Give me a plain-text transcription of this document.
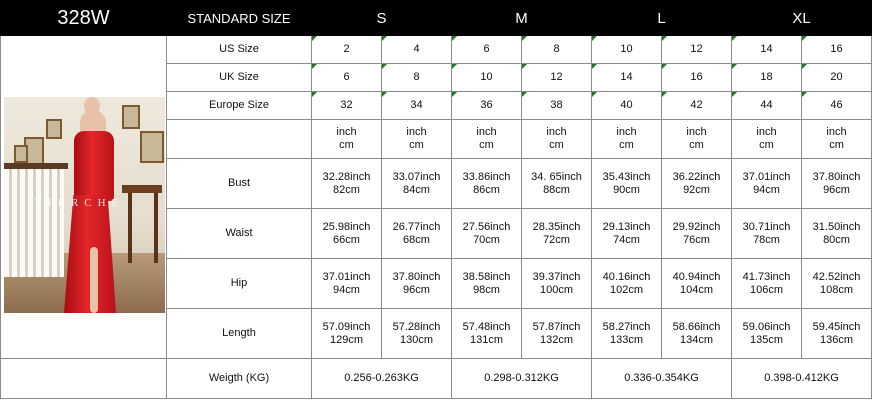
328W	STANDARD SIZE	S		M		L		XL	
	US Size	2	4	6	8	10	12	14	16
	UK Size	6	8	10	12	14	16	18	20
	Europe Size	32	34	36	38	40	42	44	46

		inch
cm	inch
cm	inch
cm	inch
cm	inch
cm	inch
cm	inch
cm	inch
cm

	Bust	32.28inch
82cm	33.07inch
84cm	33.86inch
86cm	34. 65inch
88cm	35.43inch
90cm	36.22inch
92cm	37.01inch
94cm	37.80inch
96cm

	Waist	25.98inch
66cm	26.77inch
68cm	27.56inch
70cm	28.35inch
72cm	29.13inch
74cm	29.92inch
76cm	30.71inch
78cm	31.50inch
80cm

	Hip	37.01inch
94cm	37.80inch
96cm	38.58inch
98cm	39.37inch
100cm	40.16inch
102cm	40.94inch
104cm	41.73inch
106cm	42.52inch
108cm

	Length	57.09inch
129cm	57.28inch
130cm	57.48inch
131cm	57.87inch
132cm	58.27inch
133cm	58.66inch
134cm	59.06inch
135cm	59.45inch
136cm

	Weigth (KG)	0.256-0.263KG		0.298-0.312KG		0.336-0.354KG		0.398-0.412KG	
VIRRCHE
